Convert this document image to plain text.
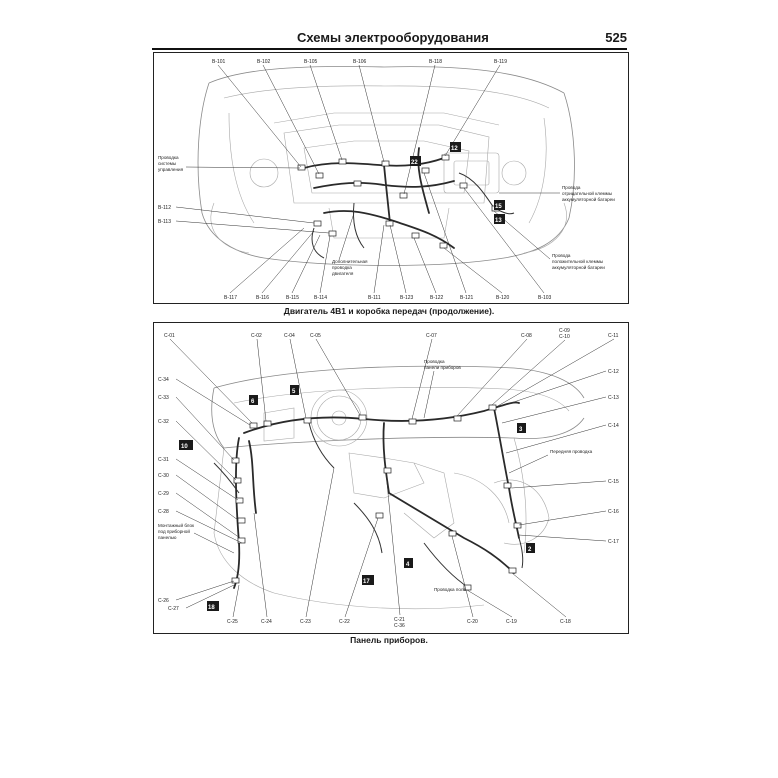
Схемы электрооборудования	525
B-101	B-102	B-105	B-106	B-118	B-119
Проводка
системы
управления
B-112
B-113
Дополнительная
проводка
двигателя
Провода
отрицательной клеммы
аккумуляторной батареи
Провода
положительной клеммы
аккумуляторной батареи
B-117	B-116	B-115	B-114	B-111	B-123	B-122	B-121	B-120	B-103
22
12
15
13
Двигатель 4В1 и коробка передач (продолжение).
C-01	C-02	C-04	C-05	C-07	C-08
C-09
C-10	C-11
Проводка
панели приборов
C-12
C-13
C-14
Передняя проводка
C-15
C-16
C-17
C-34
C-33
C-32
C-31
C-30
C-29
C-28
Монтажный блок
под приборной
панелью
C-26
C-27
C-25	C-24	C-23	C-22	C-21
C-36
C-20	C-19	C-18
Проводка пола
6
5
10
3
2
4
17
18
Панель приборов.
